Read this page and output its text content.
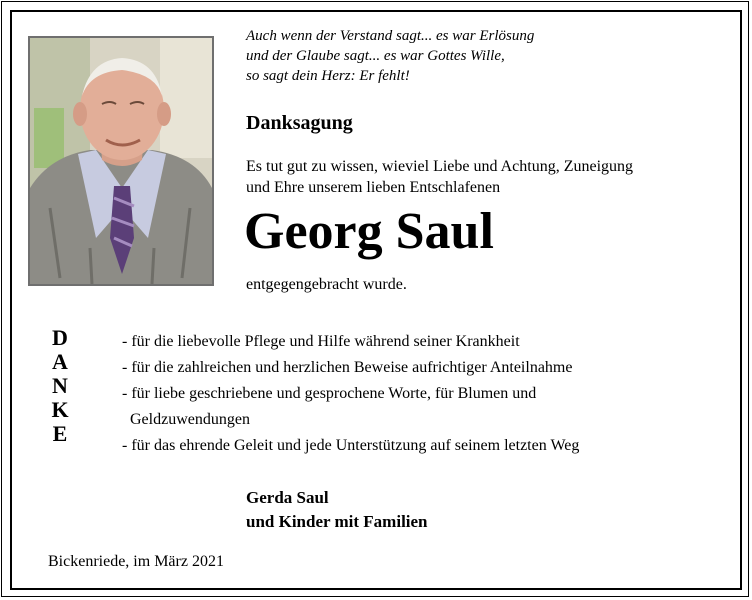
Auch wenn der Verstand sagt... es war Erlösung
und der Glaube sagt... es war Gottes Wille,
so sagt dein Herz: Er fehlt!
Danksagung
Es tut gut zu wissen, wieviel Liebe und Achtung, Zuneigung
und Ehre unserem lieben Entschlafenen
Georg Saul
entgegengebracht wurde.
D
A
N
K
E
- für die liebevolle Pflege und Hilfe während seiner Krankheit
- für die zahlreichen und herzlichen Beweise aufrichtiger Anteilnahme
- für liebe geschriebene und gesprochene Worte, für Blumen und
Geldzuwendungen
- für das ehrende Geleit und jede Unterstützung auf seinem letzten Weg
Gerda Saul
und Kinder mit Familien
Bickenriede, im März 2021
